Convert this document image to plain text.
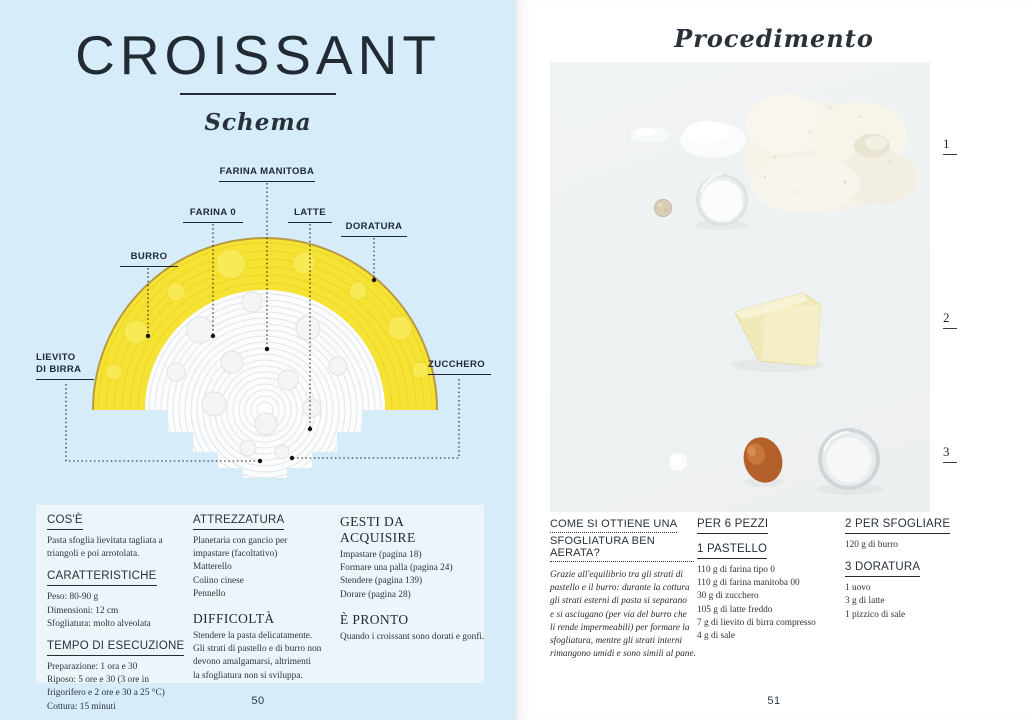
CROISSANT
Schema
BURRO
FARINA 0
FARINA MANITOBA
LATTE
DORATURA
LIEVITO
DI BIRRA	ZUCCHERO
COS'È
Pasta sfoglia lievitata tagliata a
triangoli e poi arrotolata.
CARATTERISTICHE
Peso: 80-90 g
Dimensioni: 12 cm
Sfogliatura: molto alveolata
TEMPO DI ESECUZIONE
Preparazione: 1 ora e 30
Riposo: 5 ore e 30 (3 ore in
frigorifero e 2 ore e 30 a 25 °C)
Cottura: 15 minuti
ATTREZZATURA
Planetaria con gancio per
impastare (facoltativo)
Matterello
Colino cinese
Pennello
DIFFICOLTÀ
Stendere la pasta delicatamente.
Gli strati di pastello e di burro non
devono amalgamarsi, altrimenti
la sfogliatura non si sviluppa.
GESTI DA ACQUISIRE
Impastare (pagina 18)
Formare una palla (pagina 24)
Stendere (pagina 139)
Dorare (pagina 28)
È PRONTO
Quando i croissant sono dorati e gonfi.
50
Procedimento
COME SI OTTIENE UNA
SFOGLIATURA BEN AERATA?

Grazie all'equilibrio tra gli strati di
pastello e il burro: durante la cottura
gli strati esterni di pasta si separano
e si asciugano (per via del burro che
li rende impermeabili) per formare la
sfogliatura, mentre gli strati interni
rimangono umidi e sono simili al pane.
PER 6 PEZZI
1 PASTELLO
110 g di farina tipo 0
110 g di farina manitoba 00
30 g di zucchero
105 g di latte freddo
7 g di lievito di birra compresso
4 g di sale
2 PER SFOGLIARE
120 g di burro
3 DORATURA
1 uovo
3 g di latte
1 pizzico di sale
51
1
2
3
